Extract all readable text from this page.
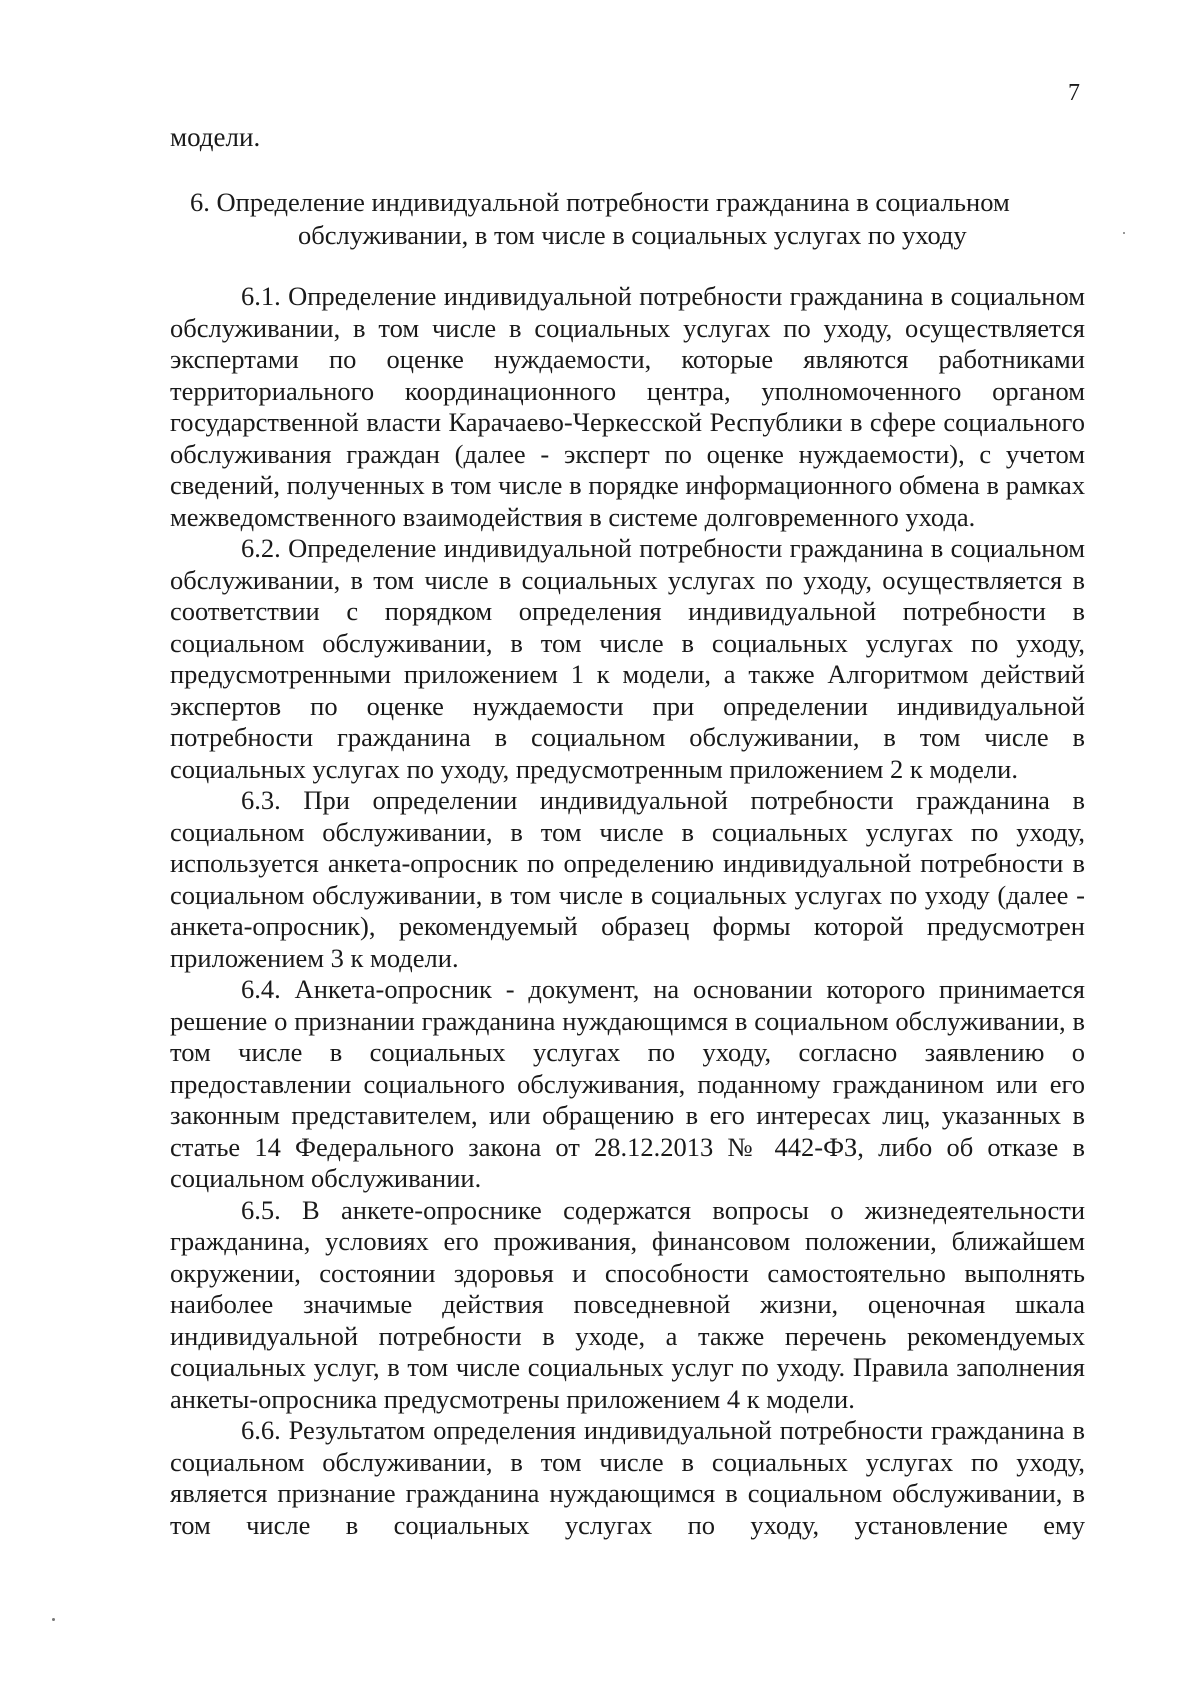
7
модели.
6. Определение индивидуальной потребности гражданина в социальном
обслуживании, в том числе в социальных услугах по уходу

6.1. Определение индивидуальной потребности гражданина в социальном обслуживании, в том числе в социальных услугах по уходу, осуществляется экспертами по оценке нуждаемости, которые являются работниками территориального координационного центра, уполномоченного органом государственной власти Карачаево-Черкесской Республики в сфере социального обслуживания граждан (далее - эксперт по оценке нуждаемости), с учетом сведений, полученных в том числе в порядке информационного обмена в рамках межведомственного взаимодействия в системе долговременного ухода.

6.2. Определение индивидуальной потребности гражданина в социальном обслуживании, в том числе в социальных услугах по уходу, осуществляется в соответствии с порядком определения индивидуальной потребности в социальном обслуживании, в том числе в социальных услугах по уходу, предусмотренными приложением 1 к модели, а также Алгоритмом действий экспертов по оценке нуждаемости при определении индивидуальной потребности гражданина в социальном обслуживании, в том числе в социальных услугах по уходу, предусмотренным приложением 2 к модели.

6.3. При определении индивидуальной потребности гражданина в социальном обслуживании, в том числе в социальных услугах по уходу, используется анкета-опросник по определению индивидуальной потребности в социальном обслуживании, в том числе в социальных услугах по уходу (далее - анкета-опросник), рекомендуемый образец формы которой предусмотрен приложением 3 к модели.

6.4. Анкета-опросник - документ, на основании которого принимается решение о признании гражданина нуждающимся в социальном обслуживании, в том числе в социальных услугах по уходу, согласно заявлению о предоставлении социального обслуживания, поданному гражданином или его законным представителем, или обращению в его интересах лиц, указанных в статье 14 Федерального закона от 28.12.2013 № 442-ФЗ, либо об отказе в социальном обслуживании.

6.5. В анкете-опроснике содержатся вопросы о жизнедеятельности гражданина, условиях его проживания, финансовом положении, ближайшем окружении, состоянии здоровья и способности самостоятельно выполнять наиболее значимые действия повседневной жизни, оценочная шкала индивидуальной потребности в уходе, а также перечень рекомендуемых социальных услуг, в том числе социальных услуг по уходу. Правила заполнения анкеты-опросника предусмотрены приложением 4 к модели.

6.6. Результатом определения индивидуальной потребности гражданина в социальном обслуживании, в том числе в социальных услугах по уходу, является признание гражданина нуждающимся в социальном обслуживании, в том числе в социальных услугах по уходу, установление ему
